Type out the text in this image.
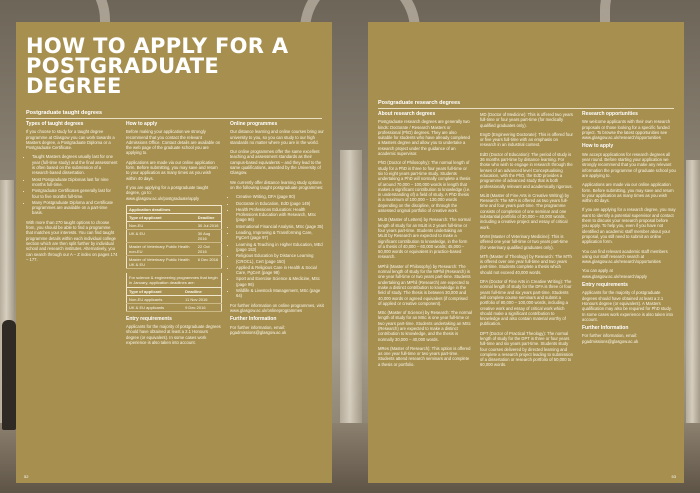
HOW TO APPLY FOR A POSTGRADUATE DEGREE
Postgraduate taught degrees
Types of taught degrees

If you choose to study for a taught degree programme at Glasgow you can work towards a Masters degree, a Postgraduate Diploma or a Postgraduate Certificate.

• Taught Masters degrees usually last for one year (full-time study) and the final assessment is often based on the submission of a research-based dissertation.
• Most Postgraduate Diplomas last for nine months full-time.
• Postgraduate Certificates generally last for four to five months full-time.
• Many Postgraduate Diploma and Certificate programmes are available on a part-time basis.

With more than 270 taught options to choose from, you should be able to find a programme that matches your interests. You can find taught programme details within each individual college section which are then split further by individual school and research institutes. Alternatively, you can search through our A – Z index on pages 174 – 177.

How to apply

Before making your application we strongly recommend that you contact the relevant Admissions Office. Contact details are available on the web page of the graduate school you are applying to.

Applications are made via our online application form. Before submitting, you may save and return to your application as many times as you wish within 40 days.

If you are applying for a postgraduate taught degree, go to: www.glasgow.ac.uk/postgraduate/apply

Application deadlines	
Type of applicant	Deadline
Non-EU	30 Jul 2016
UK & EU	30 Aug 2016
Master of Veterinary Public Health non-EU	22 Oct 2016
Master of Veterinary Public Health UK & EU	6 Dec 2016
For science & engineering programmes that begin in January, application deadlines are:
Type of applicant	Deadline
Non-EU applicants	11 Nov 2016
UK & EU applicants	9 Dec 2016
Entry requirements

Applicants for the majority of postgraduate degrees should have obtained at least a 2.1 Honours degree (or equivalent). In some cases work experience is also taken into account.

Online programmes

Our distance learning and online courses bring our university to you, so you can study to our high standards no matter where you are in the world.

Our online programmes offer the same excellent teaching and assessment standards as their campus-based equivalents – and they lead to the same qualifications, awarded by the University of Glasgow.

We currently offer distance learning study options on the following taught postgraduate programmes:

• Creative Writing, DFA (page 80)
• Doctorate in Education, EdD (page 149)
• Health Professions Education: Health Professions Education with Research, MSc (page 96)
• International Financial Analysis, MSc (page 35)
• Leading, Improving & Transforming Care, PgCert (page 97)
• Learning & Teaching in Higher Education, MEd (page 153)
• Religious Education by Distance Learning (CROCL), Cert (page 150)
• Applied & Religious Care in Health & Social Care, PgCert (page 98)
• Sport and Exercise Science & Medicine, MSc (page 96)
• Wildlife & Livestock Management, MSc (page 64)

For further information on online programmes, visit www.glasgow.ac.uk/onlineprogrammes

Further Information

For further information, email: pgadmissions@glasgow.ac.uk

52
Postgraduate research degrees
About research degrees

Postgraduate research degrees are generally two kinds: Doctorate / Research Masters or professional (PhD) degrees. They are also suitable for students who have already completed a Masters degree and allow you to undertake a research project under the guidance of an academic supervisor.

PhD (Doctor of Philosophy): The normal length of study for a PhD is three to four years full-time or six to eight years part-time study. Students undertaking a PhD will normally complete a thesis of around 70,000 – 100,000 words in length that makes a significant contribution to knowledge (i.e. in understanding of) a field of study. A PhD thesis is a maximum of 100,000 – 130,000 words depending on the discipline, or through the assessed original portfolio of creative work.

MLitt (Master of Letters) by Research: The normal length of study for an MLitt is 2 years full-time or four years part-time. Students undertaking an MLitt by Research are expected to make a significant contribution to knowledge, in the form of a thesis of 40,000 – 60,000 words; 45,000 – 50,000 words or equivalent in practice-based research.

MPhil (Master of Philosophy) by Research: The normal length of study for the MPhil (Research) is one year full-time or two years part-time. Students undertaking an MPhil (Research) are expected to make a distinct contribution to knowledge in the field of study. The thesis is between 30,000 and 40,000 words or agreed equivalent (if comprised of applied or creative component).

MSc (Master of Science) by Research: The normal length of study for an MSc is one year full-time or two years part-time. Students undertaking an MSc (Research) are expected to make a distinct contribution to knowledge, and the thesis is normally 30,000 – 40,000 words.

MRes (Master of Research): This option is offered as one year full-time or two years part-time. Students attend research seminars and complete a thesis or portfolio.

MD (Doctor of Medicine): This is offered two years full-time or four years part-time (for medically qualified graduates only).

EngD (Engineering Doctorate): This is offered four or five years full-time with an emphasis on research in an industrial context.

EdD (Doctor of Education): The period of study is 36 months part-time by distance learning. For those who wish to engage in research through the lenses of an advanced level Conceptualising education, with the PhD, the EdD provides a programme of advanced study that is both professionally relevant and academically rigorous.

MLitt (Master of Fine Arts in Creative Writing) by Research: The MFA is offered as two years full-time and four years part-time. The programme consists of completion of one seminar and one substantial portfolio of 30,000 – 40,000 words, including a creative project and essay of critical work.

MVM (Master of Veterinary Medicine): This is offered one year full-time or two years part-time (for veterinary qualified graduates only).

MTh (Master of Theology) by Research: The MTh is offered over one year full-time and two years part-time. Students complete a thesis which should not exceed 40,000 words.

DFA (Doctor of Fine Arts in Creative Writing): The normal length of study for the DFA is three or four years full-time and six years part-time. Students will complete course seminars and submit a portfolio of 80,000 – 100,000 words, including a creative work and essay of critical work which should make a significant contribution to knowledge and also contain material worthy of publication.

DPT (Doctor of Practical Theology): The normal length of study for the DPT is three or four years full-time and six years part-time. Students study four courses delivered by directed learning and complete a research project leading to submission of a dissertation or research portfolio of 50,000 to 60,000 words.

Research opportunities

We welcome applicants with their own research proposals or those looking for a specific funded project. To browse the latest opportunities see www.glasgow.ac.uk/research/opportunities

How to apply

We accept applications for research degrees all year round. Before starting your application we strongly recommend that you make any relevant information the programme of graduate school you are applying to.

Applications are made via our online application form. Before submitting, you may save and return to your application as many times as you wish within 40 days.

If you are applying for a research degree, you may want to identify a potential supervisor and contact them to discuss your research proposal before you apply. To help you, even if you have not identified an academic staff member about your proposal, you still need to submit an online application form.

You can find relevant academic staff members using our staff research search at www.glasgow.ac.uk/research/opportunities

You can apply at www.glasgow.ac.uk/research/apply

Entry requirements

Applicants for the majority of postgraduate degrees should have obtained at least a 2.1 Honours degree (or equivalent). A Masters qualification may also be required for PhD study. In some cases work experience is also taken into account.

Further Information

For further information, email: pgadmissions@glasgow.ac.uk

53
